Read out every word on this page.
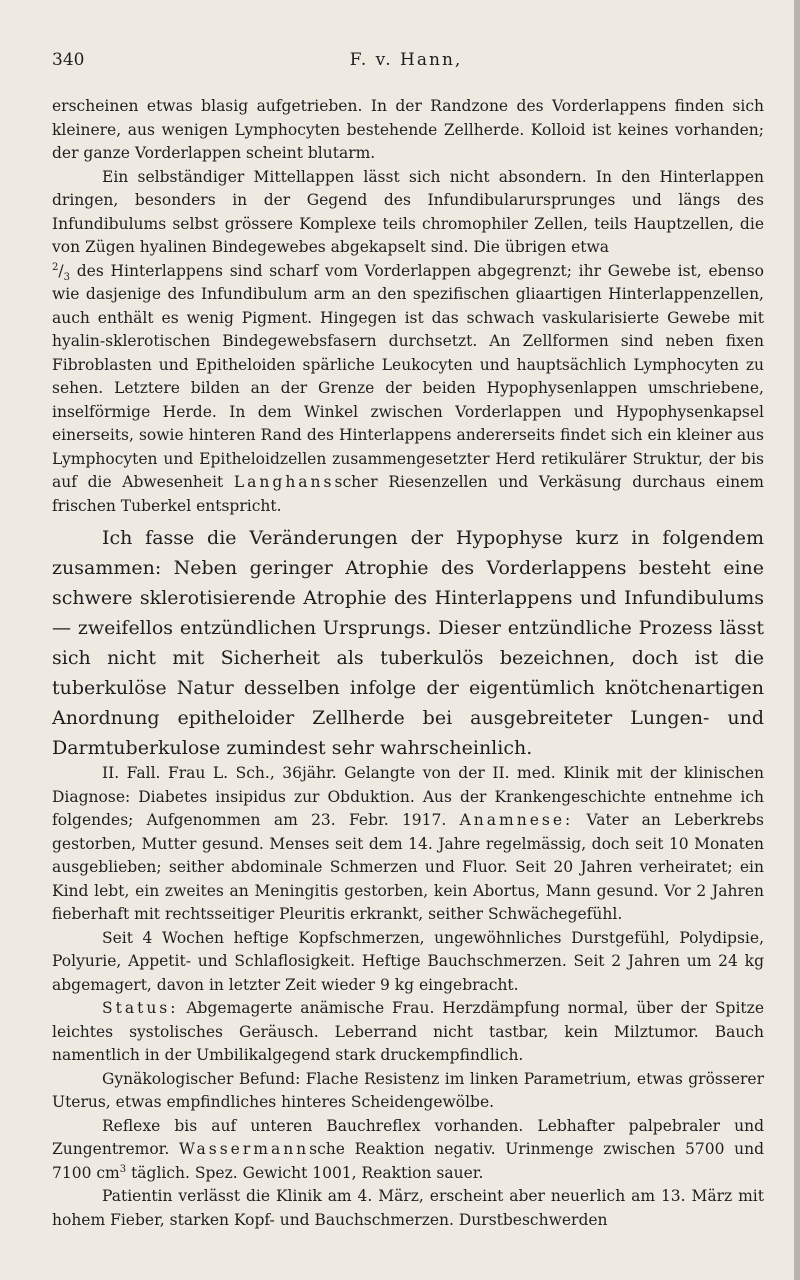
340	F. v. Hann,

erscheinen etwas blasig aufgetrieben. In der Randzone des Vorderlappens finden sich kleinere, aus wenigen Lymphocyten bestehende Zellherde. Kolloid ist keines vorhanden; der ganze Vorderlappen scheint blutarm.

Ein selbständiger Mittellappen lässt sich nicht absondern. In den Hinterlappen dringen, besonders in der Gegend des Infundibularursprunges und längs des Infundibulums selbst grössere Komplexe teils chromophiler Zellen, teils Hauptzellen, die von Zügen hyalinen Bindegewebes abgekapselt sind. Die übrigen etwa

$^2/_3$ des Hinterlappens sind scharf vom Vorderlappen abgegrenzt; ihr Gewebe ist, ebenso wie dasjenige des Infundibulum arm an den spezifischen gliaartigen Hinterlappenzellen, auch enthält es wenig Pigment. Hingegen ist das schwach vaskularisierte Gewebe mit hyalin-sklerotischen Bindegewebsfasern durchsetzt. An Zellformen sind neben fixen Fibroblasten und Epitheloiden spärliche Leukocyten und hauptsächlich Lymphocyten zu sehen. Letztere bilden an der Grenze der beiden Hypophysenlappen umschriebene, inselförmige Herde. In dem Winkel zwischen Vorderlappen und Hypophysenkapsel einerseits, sowie hinteren Rand des Hinterlappens andererseits findet sich ein kleiner aus Lymphocyten und Epitheloidzellen zusammengesetzter Herd retikulärer Struktur, der bis auf die Abwesenheit Langhansscher Riesenzellen und Verkäsung durchaus einem frischen Tuberkel entspricht.

Ich fasse die Veränderungen der Hypophyse kurz in folgendem zusammen: Neben geringer Atrophie des Vorderlappens besteht eine schwere sklerotisierende Atrophie des Hinterlappens und Infundibulums — zweifellos entzündlichen Ursprungs. Dieser entzündliche Prozess lässt sich nicht mit Sicherheit als tuberkulös bezeichnen, doch ist die tuberkulöse Natur desselben infolge der eigentümlich knötchenartigen Anordnung epitheloider Zellherde bei ausgebreiteter Lungen- und Darmtuberkulose zumindest sehr wahrscheinlich.

II. Fall. Frau L. Sch., 36jähr. Gelangte von der II. med. Klinik mit der klinischen Diagnose: Diabetes insipidus zur Obduktion. Aus der Krankengeschichte entnehme ich folgendes; Aufgenommen am 23. Febr. 1917. Anamnese: Vater an Leberkrebs gestorben, Mutter gesund. Menses seit dem 14. Jahre regelmässig, doch seit 10 Monaten ausgeblieben; seither abdominale Schmerzen und Fluor. Seit 20 Jahren verheiratet; ein Kind lebt, ein zweites an Meningitis gestorben, kein Abortus, Mann gesund. Vor 2 Jahren fieberhaft mit rechtsseitiger Pleuritis erkrankt, seither Schwächegefühl.

Seit 4 Wochen heftige Kopfschmerzen, ungewöhnliches Durstgefühl, Polydipsie, Polyurie, Appetit- und Schlaflosigkeit. Heftige Bauchschmerzen. Seit 2 Jahren um 24 kg abgemagert, davon in letzter Zeit wieder 9 kg eingebracht.

Status: Abgemagerte anämische Frau. Herzdämpfung normal, über der Spitze leichtes systolisches Geräusch. Leberrand nicht tastbar, kein Milztumor. Bauch namentlich in der Umbilikalgegend stark druckempfindlich.

Gynäkologischer Befund: Flache Resistenz im linken Parametrium, etwas grösserer Uterus, etwas empfindliches hinteres Scheidengewölbe.

Reflexe bis auf unteren Bauchreflex vorhanden. Lebhafter palpebraler und Zungentremor. Wassermannsche Reaktion negativ. Urinmenge zwischen 5700 und 7100 $cm^3$ täglich. Spez. Gewicht 1001, Reaktion sauer.

Patientin verlässt die Klinik am 4. März, erscheint aber neuerlich am 13. März mit hohem Fieber, starken Kopf- und Bauchschmerzen. Durstbeschwerden
